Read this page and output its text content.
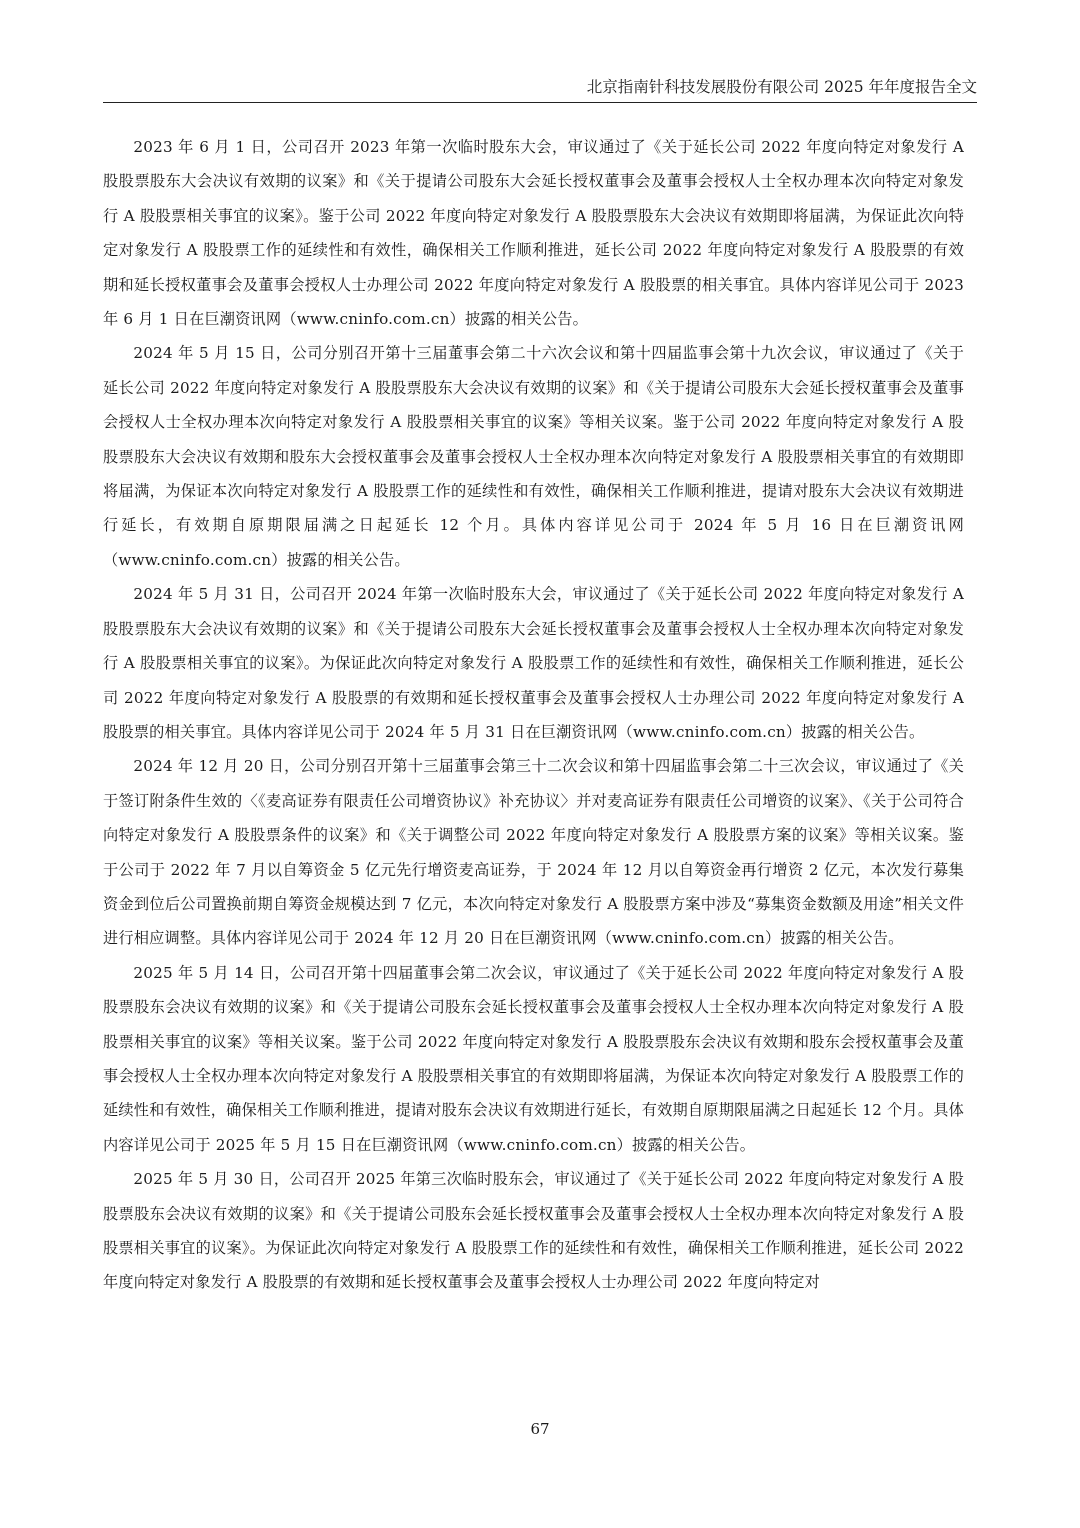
北京指南针科技发展股份有限公司 2025 年年度报告全文

2023 年 6 月 1 日，公司召开 2023 年第一次临时股东大会，审议通过了《关于延长公司 2022 年度向特定对象发行 A 股股票股东大会决议有效期的议案》和《关于提请公司股东大会延长授权董事会及董事会授权人士全权办理本次向特定对象发行 A 股股票相关事宜的议案》。鉴于公司 2022 年度向特定对象发行 A 股股票股东大会决议有效期即将届满，为保证此次向特定对象发行 A 股股票工作的延续性和有效性，确保相关工作顺利推进，延长公司 2022 年度向特定对象发行 A 股股票的有效期和延长授权董事会及董事会授权人士办理公司 2022 年度向特定对象发行 A 股股票的相关事宜。具体内容详见公司于 2023 年 6 月 1 日在巨潮资讯网（www.cninfo.com.cn）披露的相关公告。

2024 年 5 月 15 日，公司分别召开第十三届董事会第二十六次会议和第十四届监事会第十九次会议，审议通过了《关于延长公司 2022 年度向特定对象发行 A 股股票股东大会决议有效期的议案》和《关于提请公司股东大会延长授权董事会及董事会授权人士全权办理本次向特定对象发行 A 股股票相关事宜的议案》等相关议案。鉴于公司 2022 年度向特定对象发行 A 股股票股东大会决议有效期和股东大会授权董事会及董事会授权人士全权办理本次向特定对象发行 A 股股票相关事宜的有效期即将届满，为保证本次向特定对象发行 A 股股票工作的延续性和有效性，确保相关工作顺利推进，提请对股东大会决议有效期进行延长，有效期自原期限届满之日起延长 12 个月。具体内容详见公司于 2024 年 5 月 16 日在巨潮资讯网（www.cninfo.com.cn）披露的相关公告。

2024 年 5 月 31 日，公司召开 2024 年第一次临时股东大会，审议通过了《关于延长公司 2022 年度向特定对象发行 A 股股票股东大会决议有效期的议案》和《关于提请公司股东大会延长授权董事会及董事会授权人士全权办理本次向特定对象发行 A 股股票相关事宜的议案》。为保证此次向特定对象发行 A 股股票工作的延续性和有效性，确保相关工作顺利推进，延长公司 2022 年度向特定对象发行 A 股股票的有效期和延长授权董事会及董事会授权人士办理公司 2022 年度向特定对象发行 A 股股票的相关事宜。具体内容详见公司于 2024 年 5 月 31 日在巨潮资讯网（www.cninfo.com.cn）披露的相关公告。

2024 年 12 月 20 日，公司分别召开第十三届董事会第三十二次会议和第十四届监事会第二十三次会议，审议通过了《关于签订附条件生效的〈《麦高证券有限责任公司增资协议》补充协议〉并对麦高证券有限责任公司增资的议案》、《关于公司符合向特定对象发行 A 股股票条件的议案》和《关于调整公司 2022 年度向特定对象发行 A 股股票方案的议案》等相关议案。鉴于公司于 2022 年 7 月以自筹资金 5 亿元先行增资麦高证券，于 2024 年 12 月以自筹资金再行增资 2 亿元，本次发行募集资金到位后公司置换前期自筹资金规模达到 7 亿元，本次向特定对象发行 A 股股票方案中涉及“募集资金数额及用途”相关文件进行相应调整。具体内容详见公司于 2024 年 12 月 20 日在巨潮资讯网（www.cninfo.com.cn）披露的相关公告。

2025 年 5 月 14 日，公司召开第十四届董事会第二次会议，审议通过了《关于延长公司 2022 年度向特定对象发行 A 股股票股东会决议有效期的议案》和《关于提请公司股东会延长授权董事会及董事会授权人士全权办理本次向特定对象发行 A 股股票相关事宜的议案》等相关议案。鉴于公司 2022 年度向特定对象发行 A 股股票股东会决议有效期和股东会授权董事会及董事会授权人士全权办理本次向特定对象发行 A 股股票相关事宜的有效期即将届满，为保证本次向特定对象发行 A 股股票工作的延续性和有效性，确保相关工作顺利推进，提请对股东会决议有效期进行延长，有效期自原期限届满之日起延长 12 个月。具体内容详见公司于 2025 年 5 月 15 日在巨潮资讯网（www.cninfo.com.cn）披露的相关公告。

2025 年 5 月 30 日，公司召开 2025 年第三次临时股东会，审议通过了《关于延长公司 2022 年度向特定对象发行 A 股股票股东会决议有效期的议案》和《关于提请公司股东会延长授权董事会及董事会授权人士全权办理本次向特定对象发行 A 股股票相关事宜的议案》。为保证此次向特定对象发行 A 股股票工作的延续性和有效性，确保相关工作顺利推进，延长公司 2022 年度向特定对象发行 A 股股票的有效期和延长授权董事会及董事会授权人士办理公司 2022 年度向特定对

67
